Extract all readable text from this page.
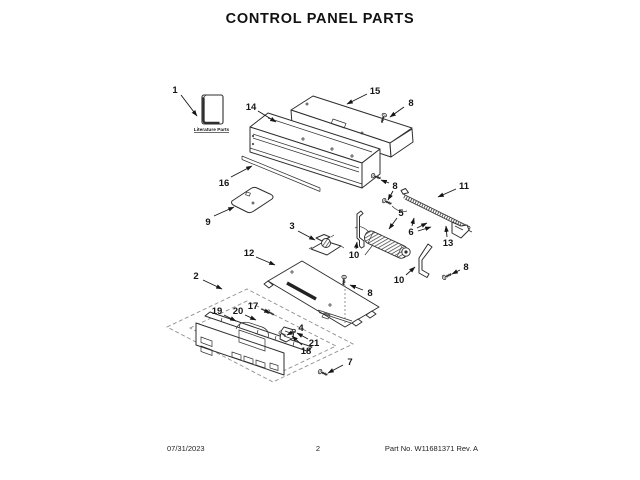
CONTROL PANEL PARTS
Literature Parts
1
14
15
8
16
9	3
8	11
5
6
13
10
10
8
12
8
2
17
19 20
4
21
18
7
07/31/2023	2	Part No. W11681371 Rev. A
